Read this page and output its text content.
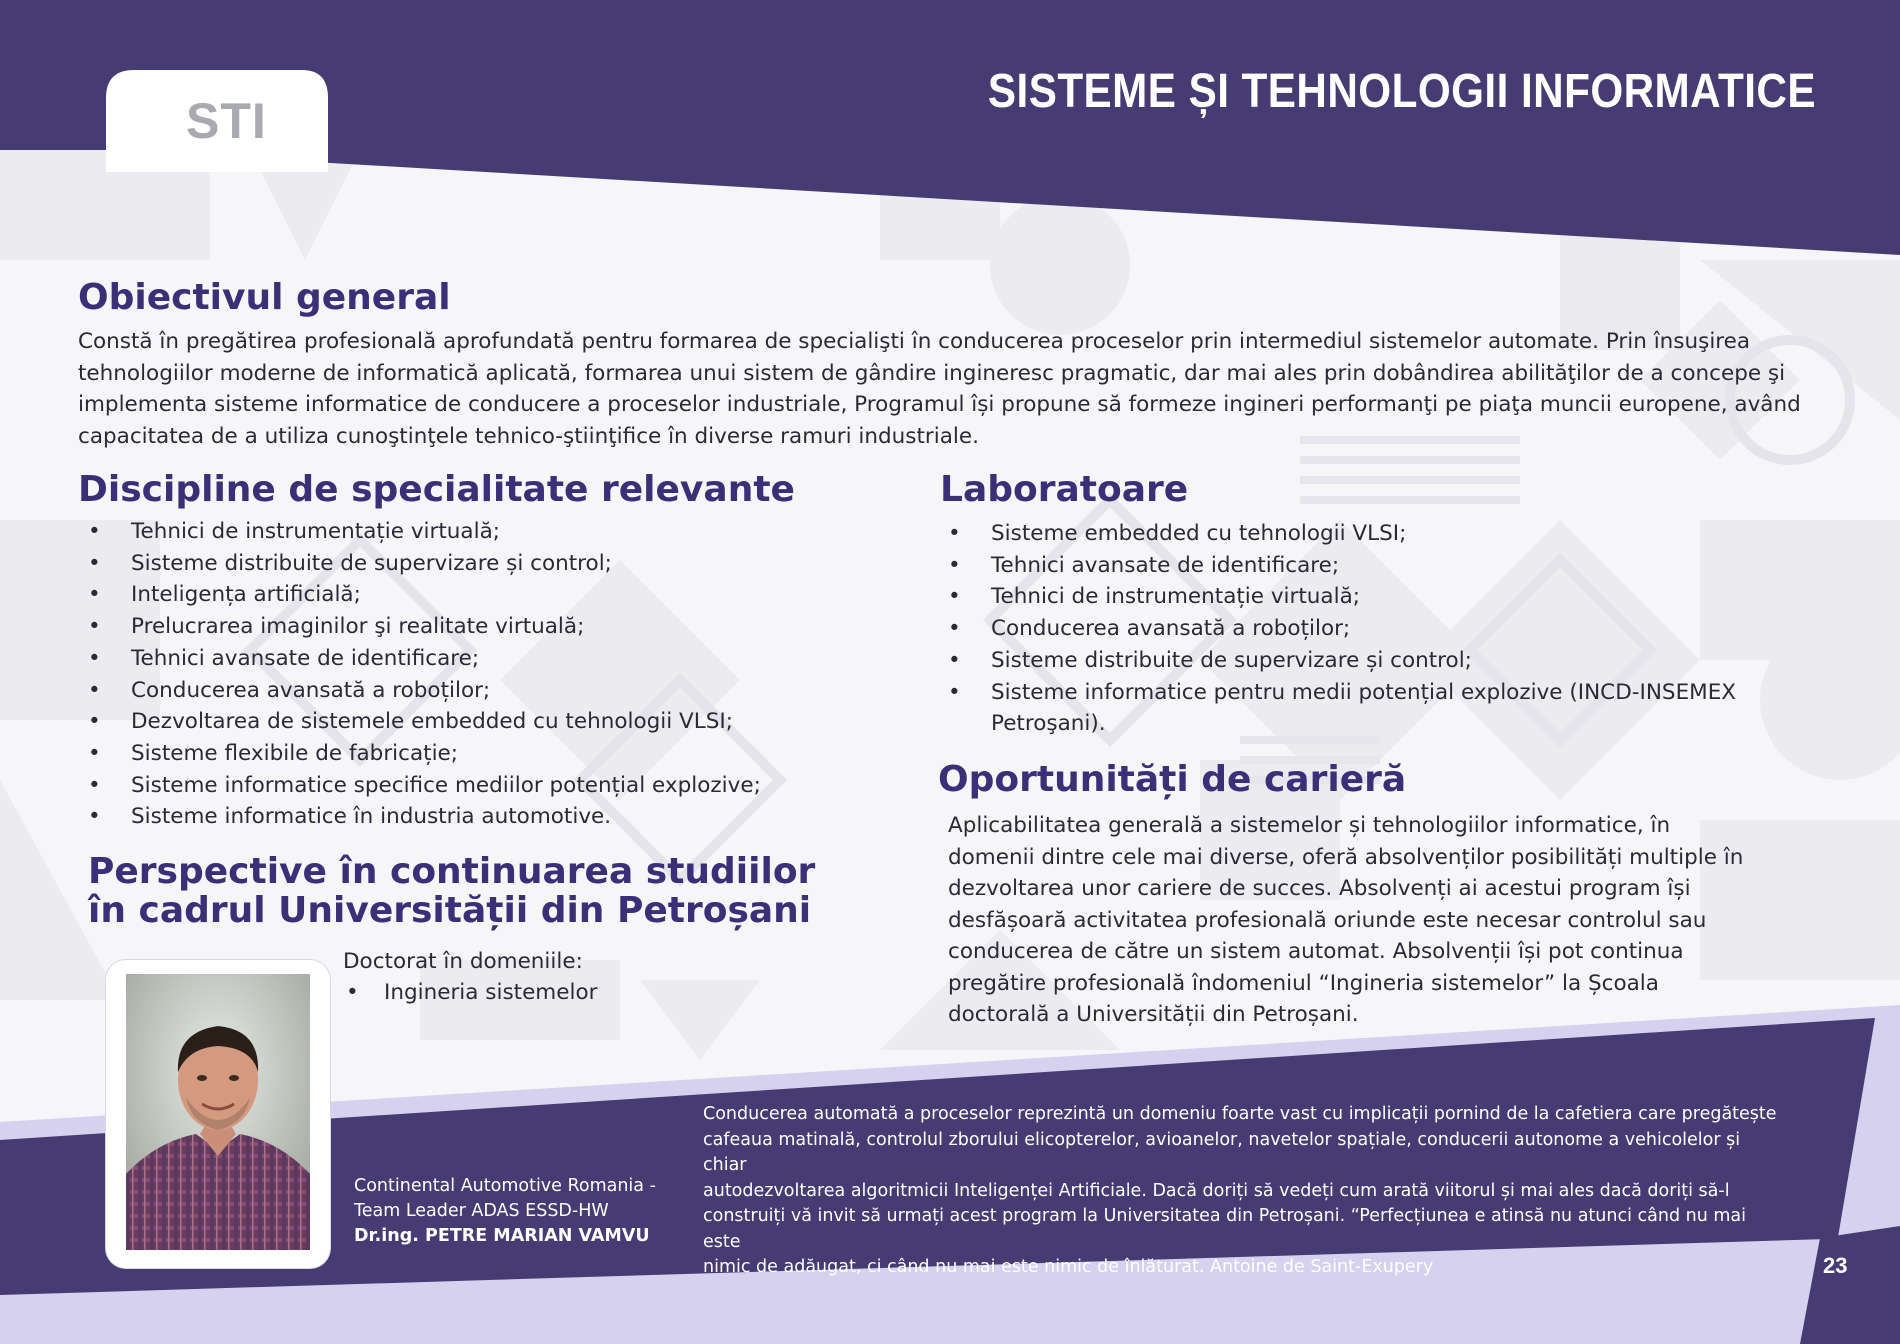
STI
SISTEME ȘI TEHNOLOGII INFORMATICE
Obiectivul general
Constă în pregătirea profesională aprofundată pentru formarea de specialişti în conducerea proceselor prin intermediul sistemelor automate. Prin însuşirea
tehnologiilor moderne de informatică aplicată, formarea unui sistem de gândire ingineresc pragmatic, dar mai ales prin dobândirea abilităţilor de a concepe şi
implementa sisteme informatice de conducere a proceselor industriale, Programul își propune să formeze ingineri performanţi pe piaţa muncii europene, având
capacitatea de a utiliza cunoştinţele tehnico-ştiinţifice în diverse ramuri industriale.
Discipline de specialitate relevante
• Tehnici de instrumentație virtuală;
• Sisteme distribuite de supervizare și control;
• Inteligența artificială;
• Prelucrarea imaginilor şi realitate virtuală;
• Tehnici avansate de identificare;
• Conducerea avansată a roboților;
• Dezvoltarea de sistemele embedded cu tehnologii VLSI;
• Sisteme flexibile de fabricație;
• Sisteme informatice specifice mediilor potențial explozive;
• Sisteme informatice în industria automotive.
Laboratoare
• Sisteme embedded cu tehnologii VLSI;
• Tehnici avansate de identificare;
• Tehnici de instrumentație virtuală;
• Conducerea avansată a roboților;
• Sisteme distribuite de supervizare și control;
• Sisteme informatice pentru medii potențial explozive (INCD-INSEMEX
Petroşani).
Perspective în continuarea studiilor
în cadrul Universității din Petroșani
Doctorat în domeniile:
• Ingineria sistemelor
Oportunități de carieră
Aplicabilitatea generală a sistemelor și tehnologiilor informatice, în
domenii dintre cele mai diverse, oferă absolvenților posibilități multiple în
dezvoltarea unor cariere de succes. Absolvenți ai acestui program își
desfășoară activitatea profesională oriunde este necesar controlul sau
conducerea de către un sistem automat. Absolvenții își pot continua
pregătire profesională îndomeniul “Ingineria sistemelor” la Școala
doctorală a Universității din Petroșani.
Continental Automotive Romania -
Team Leader ADAS ESSD-HW
Dr.ing. PETRE MARIAN VAMVU
Conducerea automată a proceselor reprezintă un domeniu foarte vast cu implicații pornind de la cafetiera care pregătește
cafeaua matinală, controlul zborului elicopterelor, avioanelor, navetelor spațiale, conducerii autonome a vehicolelor și chiar
autodezvoltarea algoritmicii Inteligenței Artificiale. Dacă doriți să vedeți cum arată viitorul și mai ales dacă doriți să-l
construiți vă invit să urmați acest program la Universitatea din Petroșani. “Perfecțiunea e atinsă nu atunci când nu mai este
nimic de adăugat, ci când nu mai este nimic de înlăturat. Antoine de Saint-Exupery	23
